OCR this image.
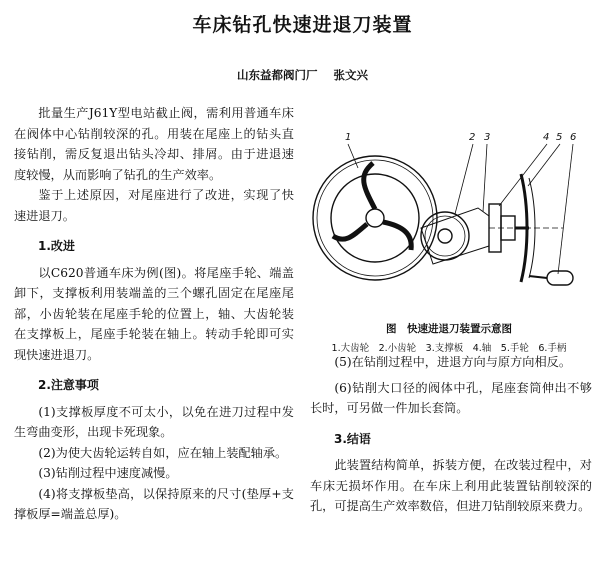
车床钻孔快速进退刀装置
山东益都阀门厂 张文兴

批量生产J61Y型电站截止阀，需利用普通车床在阀体中心钻削较深的孔。用装在尾座上的钻头直接钻削，需反复退出钻头冷却、排屑。由于进退速度较慢，从而影响了钻孔的生产效率。

鉴于上述原因，对尾座进行了改进，实现了快速进退刀。

1.改进

以C620普通车床为例(图)。将尾座手轮、端盖卸下，支撑板利用装端盖的三个螺孔固定在尾座尾部，小齿轮装在尾座手轮的位置上，轴、大齿轮装在支撑板上，尾座手轮装在轴上。转动手轮即可实现快速进退刀。

2.注意事项

(1)支撑板厚度不可太小，以免在进刀过程中发生弯曲变形，出现卡死现象。

(2)为使大齿轮运转自如，应在轴上装配轴承。

(3)钻削过程中速度减慢。

(4)将支撑板垫高，以保持原来的尺寸(垫厚+支撑板厚=端盖总厚)。

1	2 3	4 5 6
图　快速进退刀装置示意图
1.大齿轮　2.小齿轮　3.支撑板　4.轴　5.手轮　6.手柄

(5)在钻削过程中，进退方向与原方向相反。

(6)钻削大口径的阀体中孔，尾座套筒伸出不够长时，可另做一件加长套筒。

3.结语

此装置结构简单，拆装方便，在改装过程中，对车床无损坏作用。在车床上利用此装置钻削较深的孔，可提高生产效率数倍，但进刀钻削较原来费力。
